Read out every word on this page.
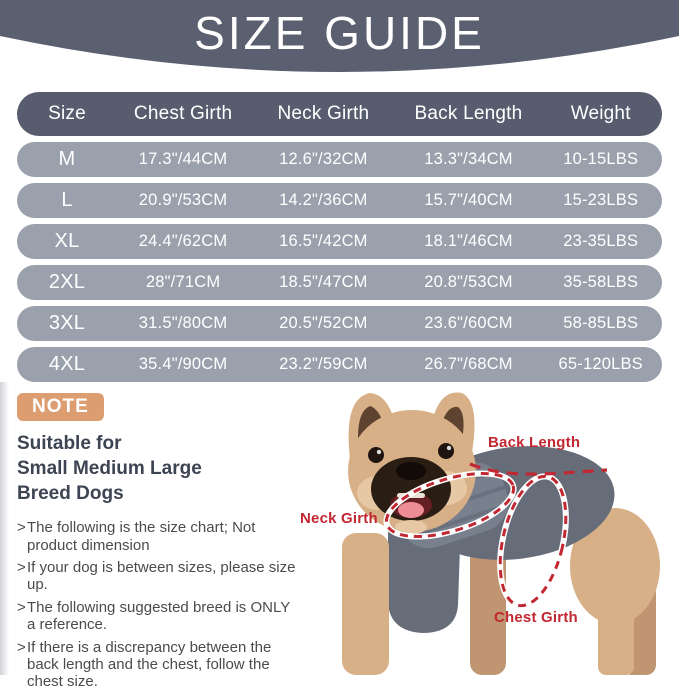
SIZE GUIDE
Size	Chest Girth	Neck Girth	Back Length	Weight
M	17.3"/44CM	12.6"/32CM	13.3"/34CM	10-15LBS
L	20.9"/53CM	14.2"/36CM	15.7"/40CM	15-23LBS
XL	24.4"/62CM	16.5"/42CM	18.1"/46CM	23-35LBS
2XL	28"/71CM	18.5"/47CM	20.8"/53CM	35-58LBS
3XL	31.5"/80CM	20.5"/52CM	23.6"/60CM	58-85LBS
4XL	35.4"/90CM	23.2"/59CM	26.7"/68CM	65-120LBS
NOTE
Suitable for
Small Medium Large
Breed Dogs
> The following is the size chart; Not product dimension
> If your dog is between sizes, please size up.
> The following suggested breed is ONLY a reference.
> If there is a discrepancy between the back length and the chest, follow the chest size.
Back Length
Neck Girth
Chest Girth
